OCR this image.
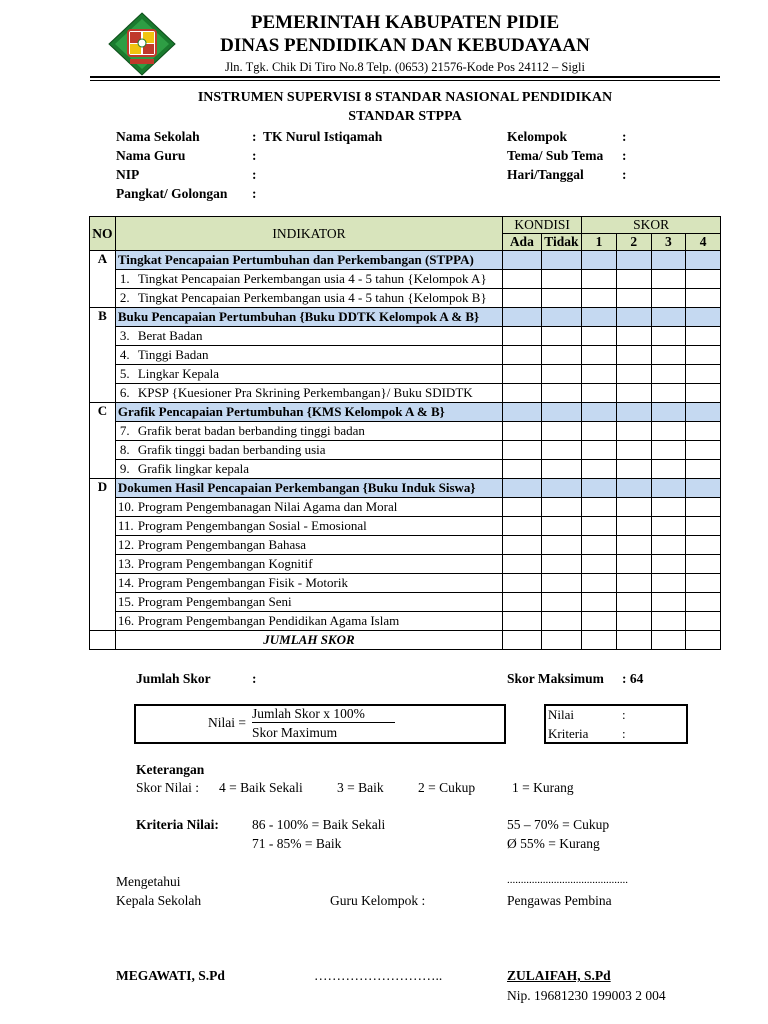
PEMERINTAH KABUPATEN PIDIE
DINAS PENDIDIKAN DAN KEBUDAYAAN
Jln. Tgk. Chik Di Tiro No.8 Telp. (0653) 21576-Kode Pos 24112 – Sigli
INSTRUMEN SUPERVISI 8 STANDAR NASIONAL PENDIDIKAN
STANDAR STPPA
Nama Sekolah	: TK Nurul Istiqamah
Nama Guru	:
NIP	:
Pangkat/ Golongan :
Kelompok	:
Tema/ Sub Tema :
Hari/Tanggal	:
NO	INDIKATOR	KONDISI		SKOR			
		Ada	Tidak	1	2	3	4
A	Tingkat Pencapaian Pertumbuhan dan Perkembangan (STPPA)						
	1. Tingkat Pencapaian Perkembangan usia 4 - 5 tahun {Kelompok A}						
	2. Tingkat Pencapaian Perkembangan usia 4 - 5 tahun {Kelompok B}						
B	Buku Pencapaian Pertumbuhan {Buku DDTK Kelompok A & B}						
	3. Berat Badan						
	4. Tinggi Badan						
	5. Lingkar Kepala						
	6. KPSP {Kuesioner Pra Skrining Perkembangan}/ Buku SDIDTK						
C	Grafik Pencapaian Pertumbuhan {KMS Kelompok A & B}						
	7. Grafik berat badan berbanding tinggi badan						
	8. Grafik tinggi badan berbanding usia						
	9. Grafik lingkar kepala						
D	Dokumen Hasil Pencapaian Perkembangan {Buku Induk Siswa}						
	10. Program Pengembanagan Nilai Agama dan Moral						
	11. Program Pengembangan Sosial - Emosional						
	12. Program Pengembangan Bahasa						
	13. Program Pengembangan Kognitif						
	14. Program Pengembangan Fisik - Motorik						
	15. Program Pengembangan Seni						
	16. Program Pengembangan Pendidikan Agama Islam						
	JUMLAH SKOR						
Jumlah Skor	:	Skor Maksimum : 64
Nilai =
Jumlah Skor x 100%
Skor Maximum
Nilai	:
Kriteria	:
Keterangan
Skor Nilai : 4 = Baik Sekali	3 = Baik	2 = Cukup	1 = Kurang
Kriteria Nilai: 86 - 100% = Baik Sekali
71 - 85% = Baik
55 – 70% = Cukup
Ø 55% = Kurang
Mengetahui
Kepala Sekolah	Guru Kelompok :
............................................
Pengawas Pembina
MEGAWATI, S.Pd	………………………..	ZULAIFAH, S.Pd
Nip. 19681230 199003 2 004
